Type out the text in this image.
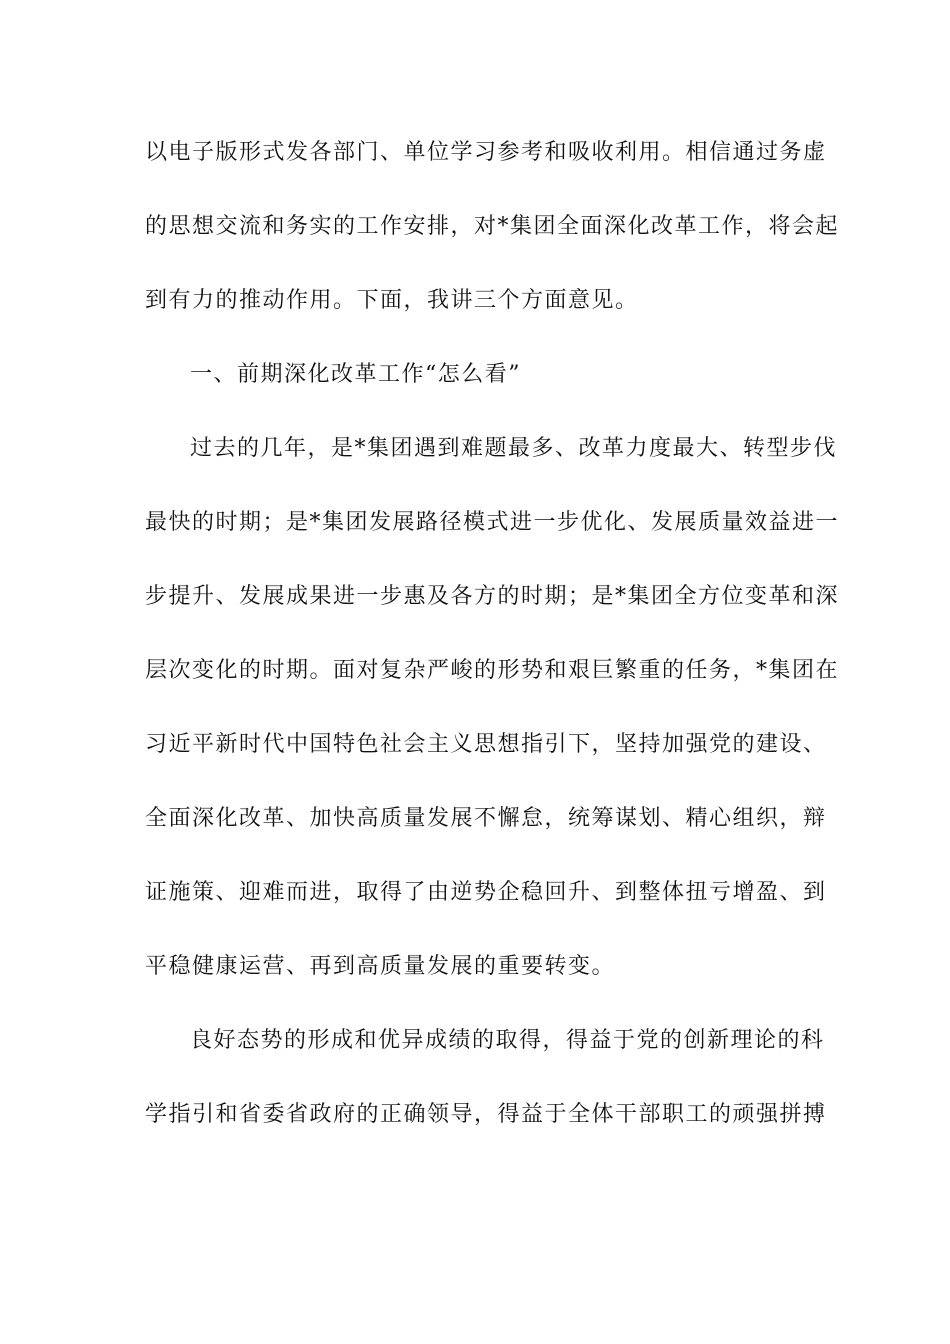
以电子版形式发各部门、单位学习参考和吸收利用。相信通过务虚
的思想交流和务实的工作安排，对*集团全面深化改革工作，将会起
到有力的推动作用。下面，我讲三个方面意见。
一、前期深化改革工作“怎么看”
过去的几年，是*集团遇到难题最多、改革力度最大、转型步伐
最快的时期；是*集团发展路径模式进一步优化、发展质量效益进一
步提升、发展成果进一步惠及各方的时期；是*集团全方位变革和深
层次变化的时期。面对复杂严峻的形势和艰巨繁重的任务，*集团在
习近平新时代中国特色社会主义思想指引下，坚持加强党的建设、
全面深化改革、加快高质量发展不懈怠，统筹谋划、精心组织，辩
证施策、迎难而进，取得了由逆势企稳回升、到整体扭亏增盈、到
平稳健康运营、再到高质量发展的重要转变。
良好态势的形成和优异成绩的取得，得益于党的创新理论的科
学指引和省委省政府的正确领导，得益于全体干部职工的顽强拼搏
